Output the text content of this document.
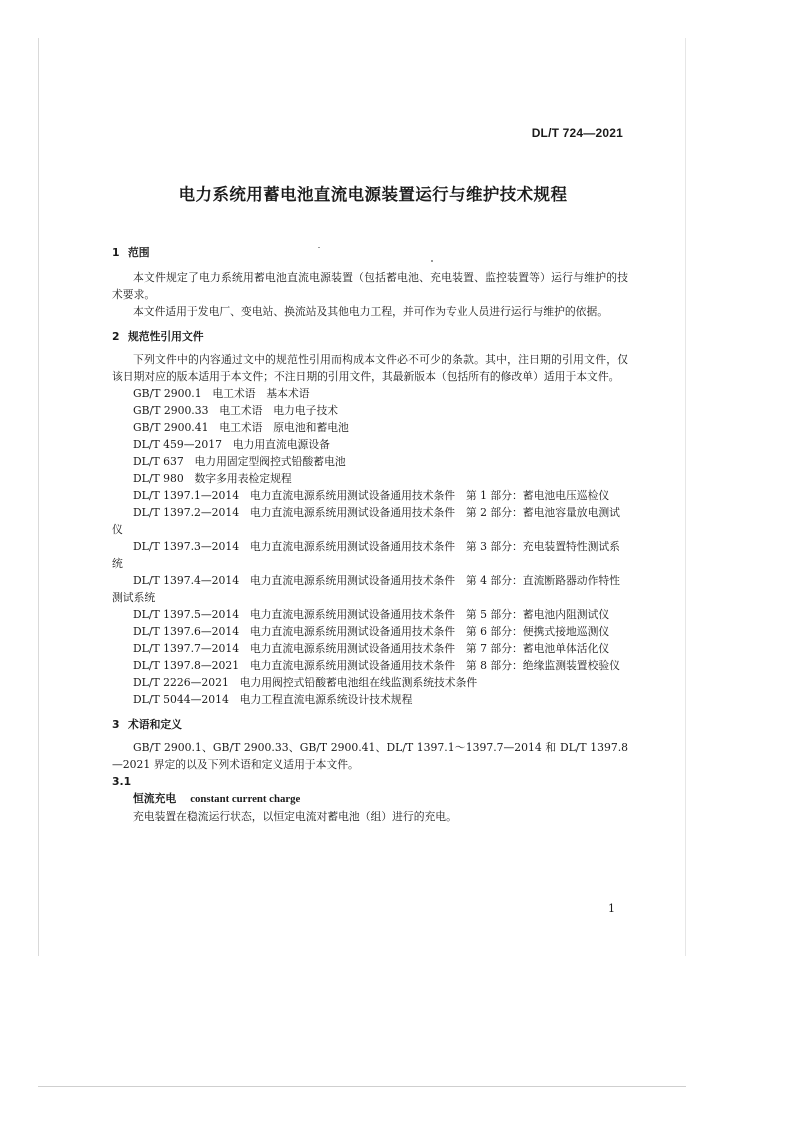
DL/T 724—2021
电力系统用蓄电池直流电源装置运行与维护技术规程

1 范围

本文件规定了电力系统用蓄电池直流电源装置（包括蓄电池、充电装置、监控装置等）运行与维护的技术要求。

本文件适用于发电厂、变电站、换流站及其他电力工程，并可作为专业人员进行运行与维护的依据。

2 规范性引用文件

下列文件中的内容通过文中的规范性引用而构成本文件必不可少的条款。其中，注日期的引用文件，仅该日期对应的版本适用于本文件；不注日期的引用文件，其最新版本（包括所有的修改单）适用于本文件。

GB/T 2900.1　电工术语　基本术语

GB/T 2900.33　电工术语　电力电子技术

GB/T 2900.41　电工术语　原电池和蓄电池

DL/T 459—2017　电力用直流电源设备

DL/T 637　电力用固定型阀控式铅酸蓄电池

DL/T 980　数字多用表检定规程

DL/T 1397.1—2014　电力直流电源系统用测试设备通用技术条件　第 1 部分：蓄电池电压巡检仪

DL/T 1397.2—2014　电力直流电源系统用测试设备通用技术条件　第 2 部分：蓄电池容量放电测试仪

DL/T 1397.3—2014　电力直流电源系统用测试设备通用技术条件　第 3 部分：充电装置特性测试系统

DL/T 1397.4—2014　电力直流电源系统用测试设备通用技术条件　第 4 部分：直流断路器动作特性测试系统

DL/T 1397.5—2014　电力直流电源系统用测试设备通用技术条件　第 5 部分：蓄电池内阻测试仪

DL/T 1397.6—2014　电力直流电源系统用测试设备通用技术条件　第 6 部分：便携式接地巡测仪

DL/T 1397.7—2014　电力直流电源系统用测试设备通用技术条件　第 7 部分：蓄电池单体活化仪

DL/T 1397.8—2021　电力直流电源系统用测试设备通用技术条件　第 8 部分：绝缘监测装置校验仪

DL/T 2226—2021　电力用阀控式铅酸蓄电池组在线监测系统技术条件

DL/T 5044—2014　电力工程直流电源系统设计技术规程

3 术语和定义

GB/T 2900.1、GB/T 2900.33、GB/T 2900.41、DL/T 1397.1～1397.7—2014 和 DL/T 1397.8—2021 界定的以及下列术语和定义适用于本文件。

3.1

恒流充电 constant current charge

充电装置在稳流运行状态，以恒定电流对蓄电池（组）进行的充电。

1
